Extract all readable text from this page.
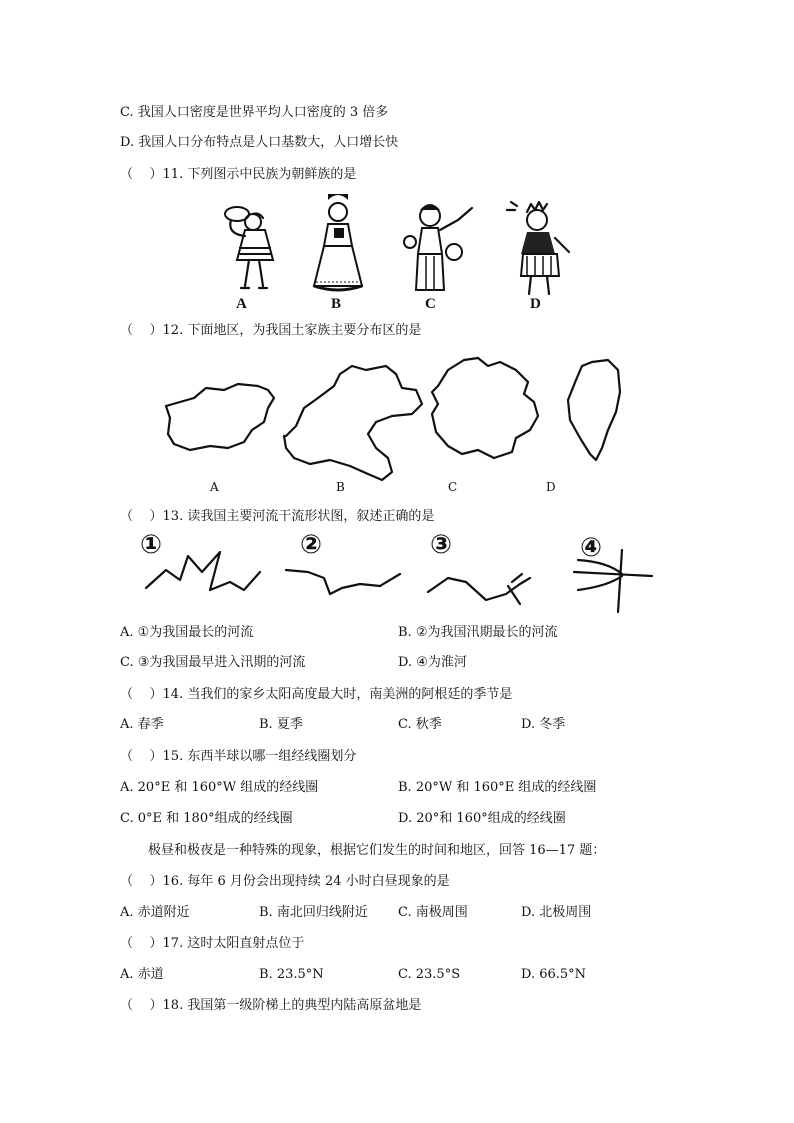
C. 我国人口密度是世界平均人口密度的 3 倍多
D. 我国人口分布特点是人口基数大，人口增长快
（    ）11. 下列图示中民族为朝鲜族的是
A	B	C	D
（    ）12. 下面地区，为我国土家族主要分布区的是
A	B	C	D
（    ）13. 读我国主要河流干流形状图，叙述正确的是
①	②	③	④
A. ①为我国最长的河流	B. ②为我国汛期最长的河流
C. ③为我国最早进入汛期的河流	D. ④为淮河
（    ）14. 当我们的家乡太阳高度最大时，南美洲的阿根廷的季节是
A. 春季	B. 夏季	C. 秋季	D. 冬季
（    ）15. 东西半球以哪一组经线圈划分
A. 20°E 和 160°W 组成的经线圈	B. 20°W 和 160°E 组成的经线圈
C. 0°E 和 180°组成的经线圈	D. 20°和 160°组成的经线圈
极昼和极夜是一种特殊的现象，根据它们发生的时间和地区，回答 16—17 题：
（    ）16. 每年 6 月份会出现持续 24 小时白昼现象的是
A. 赤道附近	B. 南北回归线附近 C. 南极周围	D. 北极周围
（    ）17. 这时太阳直射点位于
A. 赤道	B. 23.5°N	C. 23.5°S	D. 66.5°N
（    ）18. 我国第一级阶梯上的典型内陆高原盆地是
